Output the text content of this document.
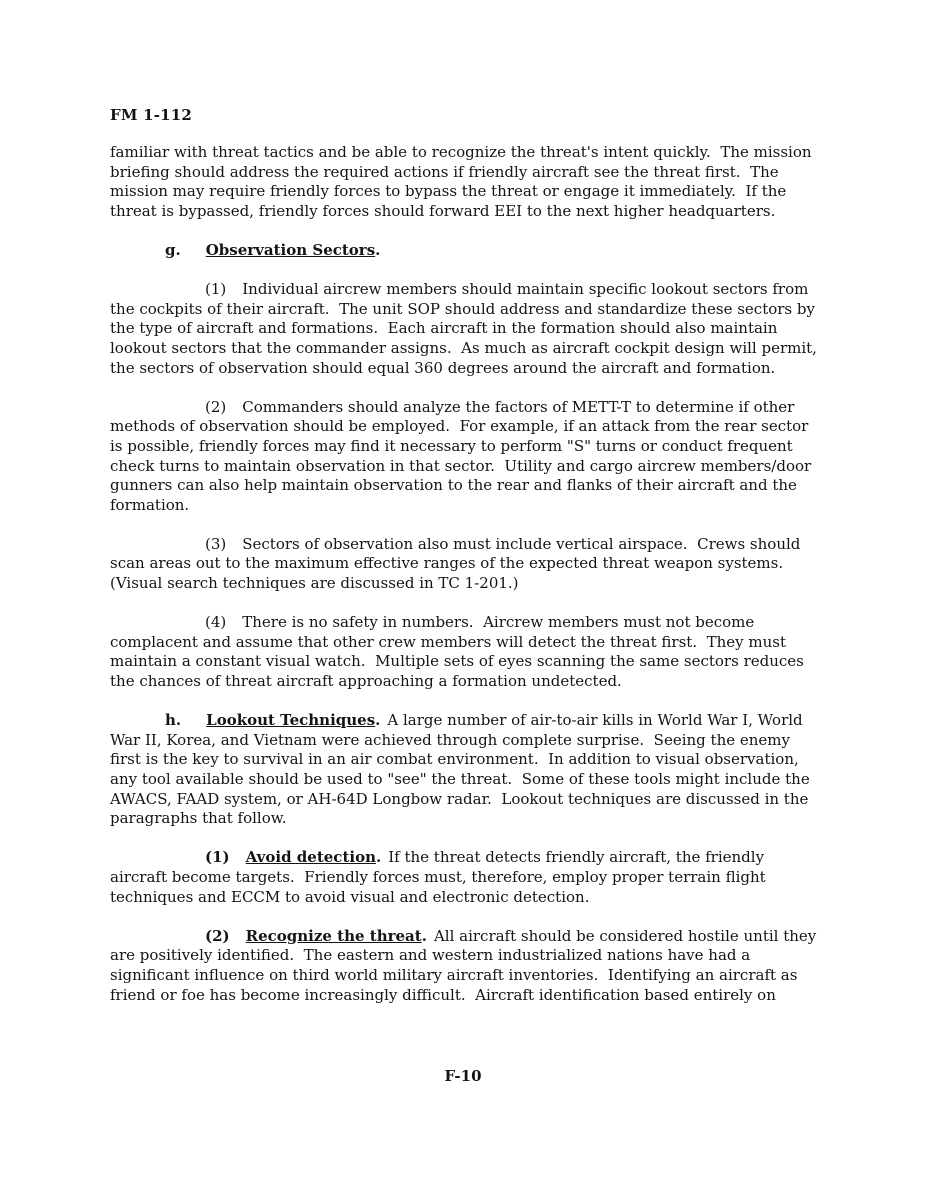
FM 1-112

familiar with threat tactics and be able to recognize the threat's intent quickly.  The mission briefing should address the required actions if friendly aircraft see the threat first.  The mission may require friendly forces to bypass the threat or engage it immediately.  If the threat is bypassed, friendly forces should forward EEI to the next higher headquarters.

g. Observation Sectors.

(1) Individual aircrew members should maintain specific lookout sectors from the cockpits of their aircraft.  The unit SOP should address and standardize these sectors by the type of aircraft and formations.  Each aircraft in the formation should also maintain lookout sectors that the commander assigns.  As much as aircraft cockpit design will permit, the sectors of observation should equal 360 degrees around the aircraft and formation.

(2) Commanders should analyze the factors of METT-T to determine if other methods of observation should be employed.  For example, if an attack from the rear sector is possible, friendly forces may find it necessary to perform "S" turns or conduct frequent check turns to maintain observation in that sector.  Utility and cargo aircrew members/door gunners can also help maintain observation to the rear and flanks of their aircraft and the formation.

(3) Sectors of observation also must include vertical airspace.  Crews should scan areas out to the maximum effective ranges of the expected threat weapon systems.  (Visual search techniques are discussed in TC 1-201.)

(4) There is no safety in numbers.  Aircrew members must not become complacent and assume that other crew members will detect the threat first.  They must maintain a constant visual watch.  Multiple sets of eyes scanning the same sectors reduces the chances of threat aircraft approaching a formation undetected.

h. Lookout Techniques. A large number of air-to-air kills in World War I, World War II, Korea, and Vietnam were achieved through complete surprise.  Seeing the enemy first is the key to survival in an air combat environment.  In addition to visual observation, any tool available should be used to "see" the threat.  Some of these tools might include the AWACS, FAAD system, or AH-64D Longbow radar.  Lookout techniques are discussed in the paragraphs that follow.

(1) Avoid detection. If the threat detects friendly aircraft, the friendly aircraft become targets.  Friendly forces must, therefore, employ proper terrain flight techniques and ECCM to avoid visual and electronic detection.

(2) Recognize the threat. All aircraft should be considered hostile until they are positively identified.  The eastern and western industrialized nations have had a significant influence on third world military aircraft inventories.  Identifying an aircraft as friend or foe has become increasingly difficult.  Aircraft identification based entirely on

F-10
